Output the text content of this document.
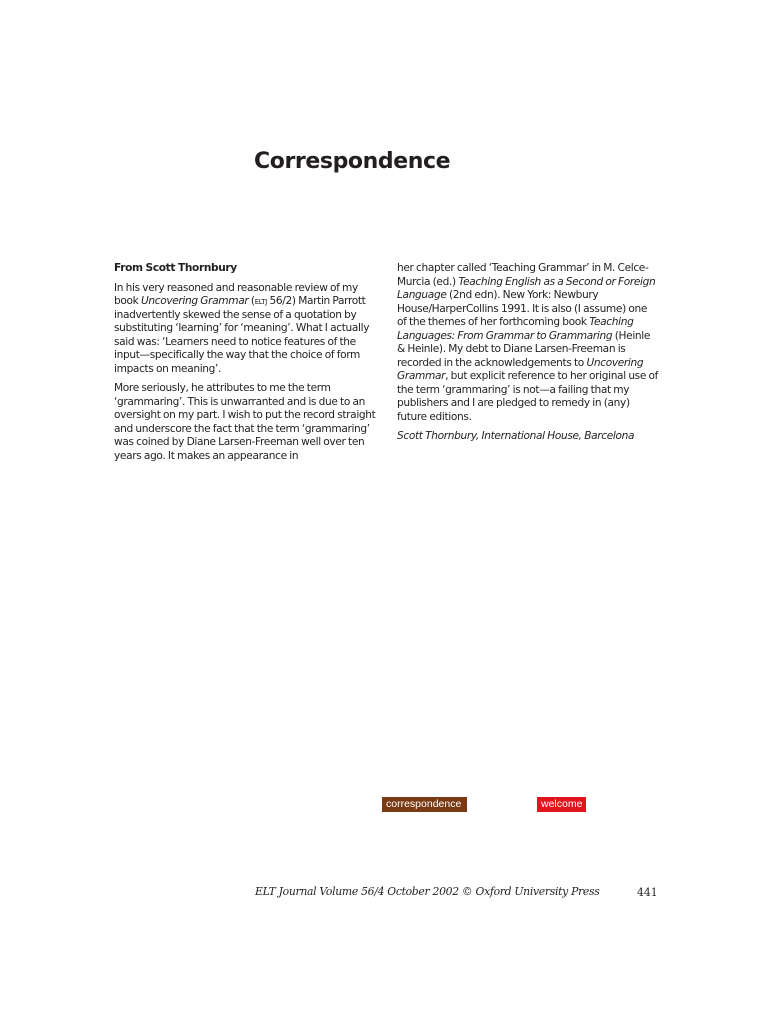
Correspondence

From Scott Thornbury

In his very reasoned and reasonable review of my book Uncovering Grammar (eltj 56/2) Martin Parrott inadvertently skewed the sense of a quotation by substituting ‘learning’ for ‘meaning’. What I actually said was: ‘Learners need to notice features of the input—specifically the way that the choice of form impacts on meaning’.

More seriously, he attributes to me the term ‘grammaring’. This is unwarranted and is due to an oversight on my part. I wish to put the record straight and underscore the fact that the term ‘grammaring’ was coined by Diane Larsen-Freeman well over ten years ago. It makes an appearance in

her chapter called ‘Teaching Grammar’ in M. Celce-Murcia (ed.) Teaching English as a Second or Foreign Language (2nd edn). New York: Newbury House/HarperCollins 1991. It is also (I assume) one of the themes of her forthcoming book Teaching Languages: From Grammar to Grammaring (Heinle & Heinle). My debt to Diane Larsen-Freeman is recorded in the acknowledgements to Uncovering Grammar, but explicit reference to her original use of the term ‘grammaring’ is not—a failing that my publishers and I are pledged to remedy in (any) future editions.

Scott Thornbury, International House, Barcelona

correspondence	welcome
ELT Journal Volume 56/4 October 2002 © Oxford University Press	441
